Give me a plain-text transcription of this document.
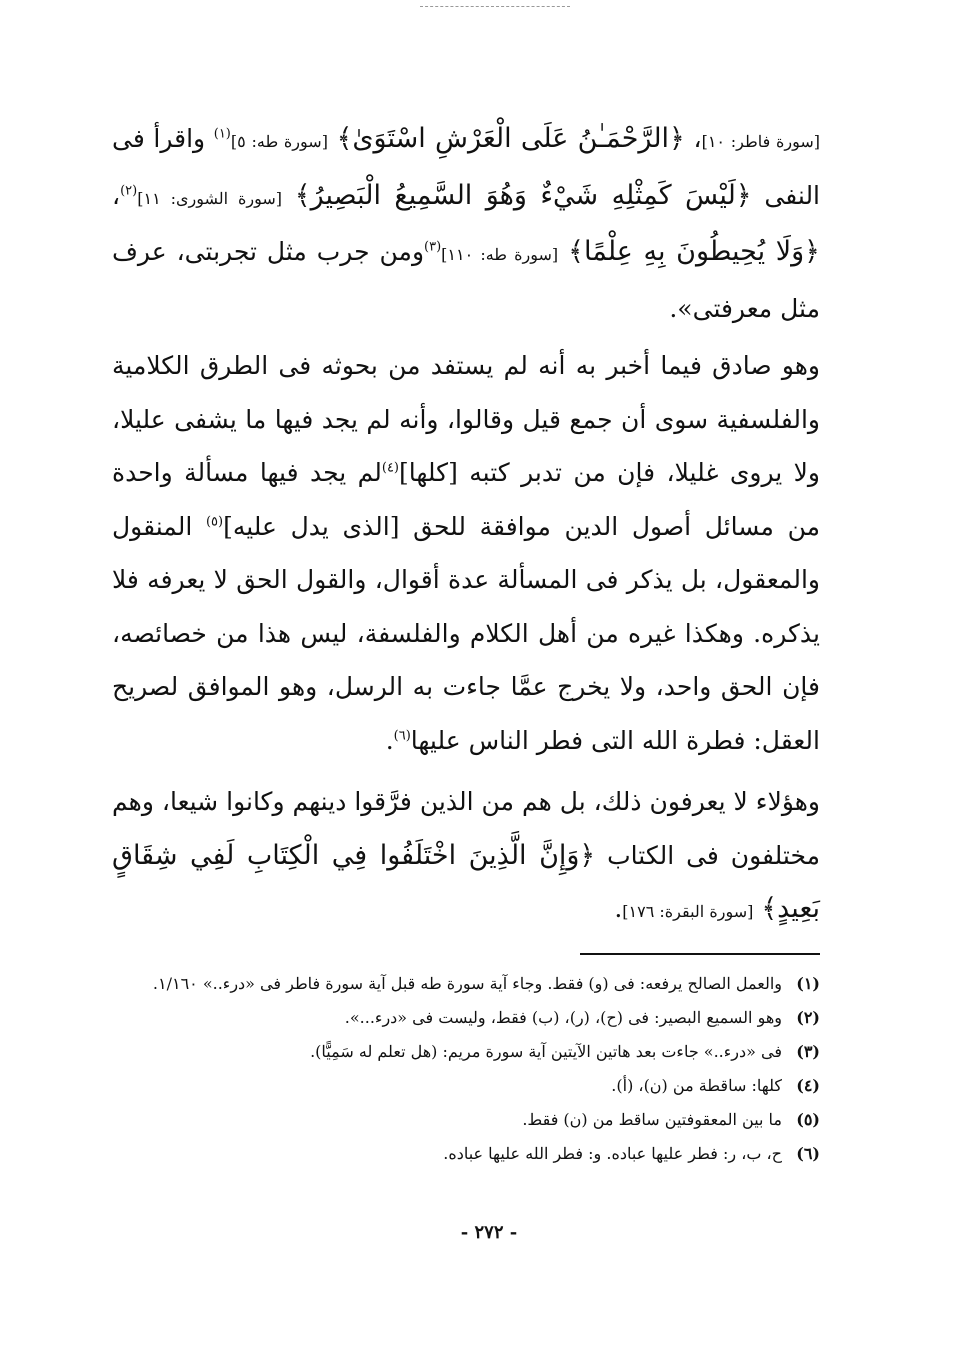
[سورة فاطر: ١٠]، ﴿الرَّحْمَـٰنُ عَلَى الْعَرْشِ اسْتَوَىٰ﴾ [سورة طه: ٥]$^{(١)}$ واقرأ فى النفى ﴿لَيْسَ كَمِثْلِهِ شَيْءٌ وَهُوَ السَّمِيعُ الْبَصِيرُ﴾ [سورة الشورى: ١١]$^{(٢)}$، ﴿وَلَا يُحِيطُونَ بِهِ عِلْمًا﴾ [سورة طه: ١١٠]$^{(٣)}$ومن جرب مثل تجربتى، عرف مثل معرفتى».

وهو صادق فيما أخبر به أنه لم يستفد من بحوثه فى الطرق الكلامية والفلسفية سوى أن جمع قيل وقالوا، وأنه لم يجد فيها ما يشفى عليلا، ولا يروى غليلا، فإن من تدبر كتبه [كلها]$^{(٤)}$لم يجد فيها مسألة واحدة من مسائل أصول الدين موافقة للحق [الذى يدل عليه]$^{(٥)}$ المنقول والمعقول، بل يذكر فى المسألة عدة أقوال، والقول الحق لا يعرفه فلا يذكره. وهكذا غيره من أهل الكلام والفلسفة، ليس هذا من خصائصه، فإن الحق واحد، ولا يخرج عمَّا جاءت به الرسل، وهو الموافق لصريح العقل: فطرة الله التى فطر الناس عليها$^{(٦)}$.

وهؤلاء لا يعرفون ذلك، بل هم من الذين فرَّقوا دينهم وكانوا شيعا، وهم مختلفون فى الكتاب ﴿وَإِنَّ الَّذِينَ اخْتَلَفُوا فِي الْكِتَابِ لَفِي شِقَاقٍ بَعِيدٍ﴾ [سورة البقرة: ١٧٦].

(١)
والعمل الصالح يرفعه: فى (و) فقط. وجاء آية سورة طه قبل آية سورة فاطر فى «درء..» ١/١٦٠.
(٢)
وهو السميع البصير: فى (ح)، (ر)، (ب) فقط، وليست فى «درء...».
(٣)
فى «درء..» جاءت بعد هاتين الآيتين آية سورة مريم: (هل تعلم له سَمِيًّا).
(٤)
كلها: ساقطة من (ن)، (أ).
(٥)
ما بين المعقوفتين ساقط من (ن) فقط.
(٦)
ح، ب، ر: فطر عليها عباده. و: فطر الله عليها عباده.
- ٢٧٢ -
